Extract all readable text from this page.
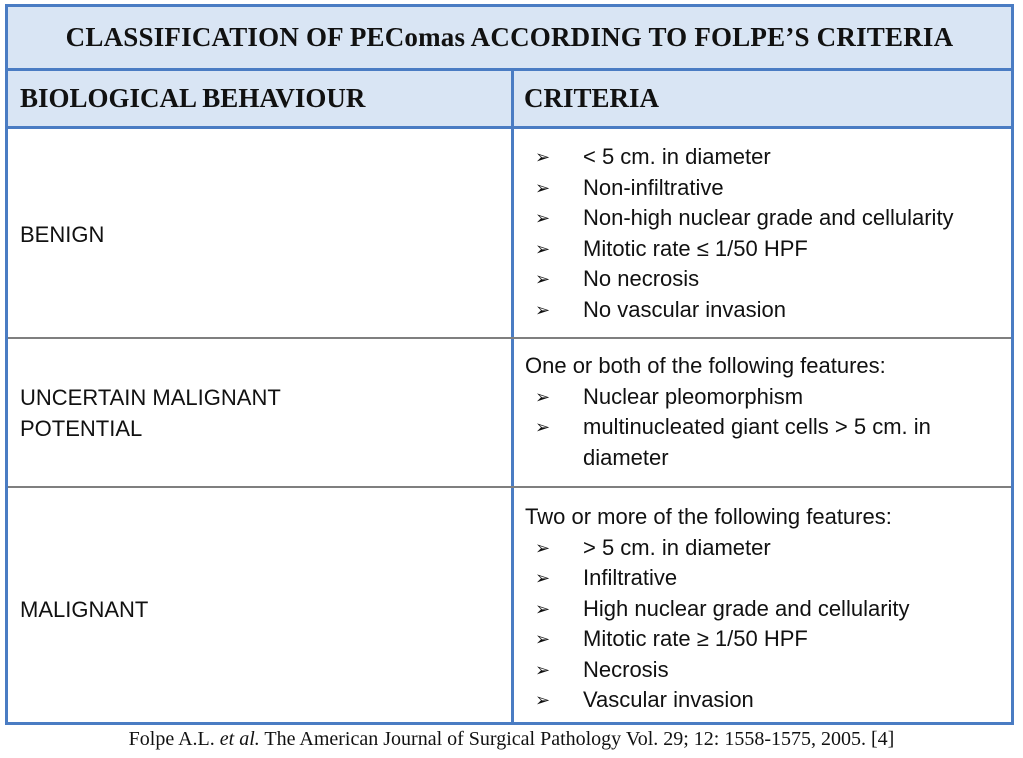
CLASSIFICATION OF PEComas ACCORDING TO FOLPE’S CRITERIA
BIOLOGICAL BEHAVIOUR	CRITERIA
BENIGN
➢ < 5 cm. in diameter
➢ Non-infiltrative
➢ Non-high nuclear grade and cellularity
➢ Mitotic rate ≤ 1/50 HPF
➢ No necrosis
➢ No vascular invasion
UNCERTAIN MALIGNANT
POTENTIAL
One or both of the following features:
➢ Nuclear pleomorphism
➢ multinucleated giant cells > 5 cm. in diameter
MALIGNANT
Two or more of the following features:
➢ > 5 cm. in diameter
➢ Infiltrative
➢ High nuclear grade and cellularity
➢ Mitotic rate ≥ 1/50 HPF
➢ Necrosis
➢ Vascular invasion
Folpe A.L. et al. The American Journal of Surgical Pathology Vol. 29; 12: 1558-1575, 2005. [4]
